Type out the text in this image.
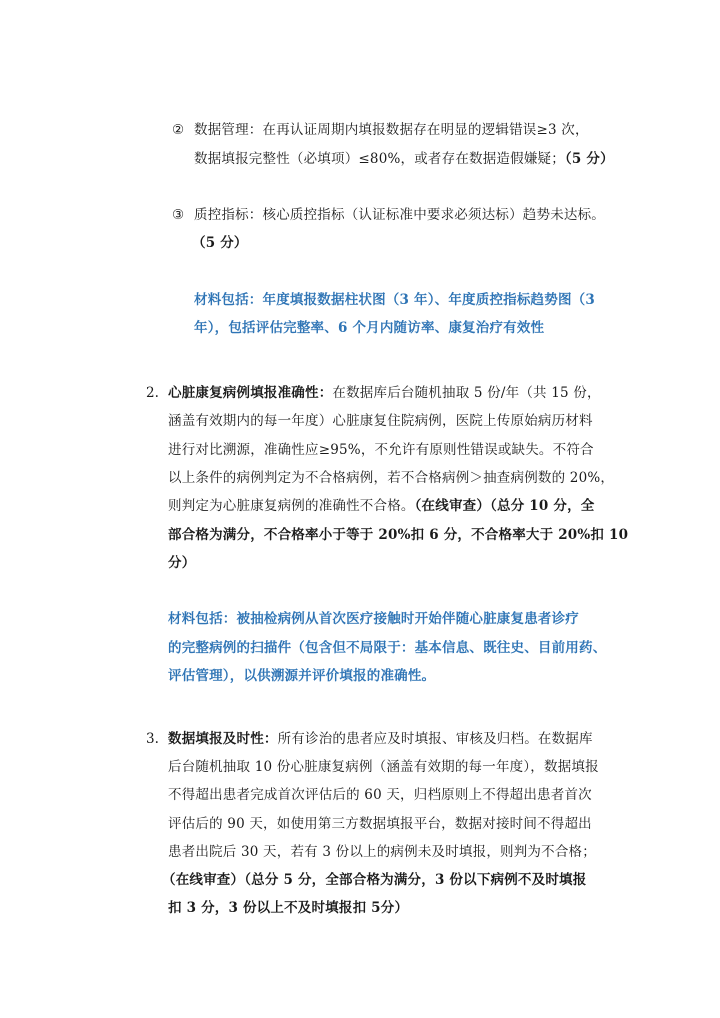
② 数据管理：在再认证周期内填报数据存在明显的逻辑错误≥3 次，
数据填报完整性（必填项）≤80%，或者存在数据造假嫌疑；（5 分）
③ 质控指标：核心质控指标（认证标准中要求必须达标）趋势未达标。
（5 分）
材料包括：年度填报数据柱状图（3 年）、年度质控指标趋势图（3
年），包括评估完整率、6 个月内随访率、康复治疗有效性
2. 心脏康复病例填报准确性：在数据库后台随机抽取 5 份/年（共 15 份，
涵盖有效期内的每一年度）心脏康复住院病例，医院上传原始病历材料
进行对比溯源，准确性应≥95%，不允许有原则性错误或缺失。不符合
以上条件的病例判定为不合格病例，若不合格病例＞抽查病例数的 20%，
则判定为心脏康复病例的准确性不合格。（在线审查）（总分 10 分，全
部合格为满分，不合格率小于等于 20%扣 6 分，不合格率大于 20%扣 10
分）
材料包括：被抽检病例从首次医疗接触时开始伴随心脏康复患者诊疗
的完整病例的扫描件（包含但不局限于：基本信息、既往史、目前用药、
评估管理），以供溯源并评价填报的准确性。
3. 数据填报及时性：所有诊治的患者应及时填报、审核及归档。在数据库
后台随机抽取 10 份心脏康复病例（涵盖有效期的每一年度），数据填报
不得超出患者完成首次评估后的 60 天，归档原则上不得超出患者首次
评估后的 90 天，如使用第三方数据填报平台，数据对接时间不得超出
患者出院后 30 天，若有 3 份以上的病例未及时填报，则判为不合格；
（在线审查）（总分 5 分，全部合格为满分，3 份以下病例不及时填报
扣 3 分，3 份以上不及时填报扣 5分）
